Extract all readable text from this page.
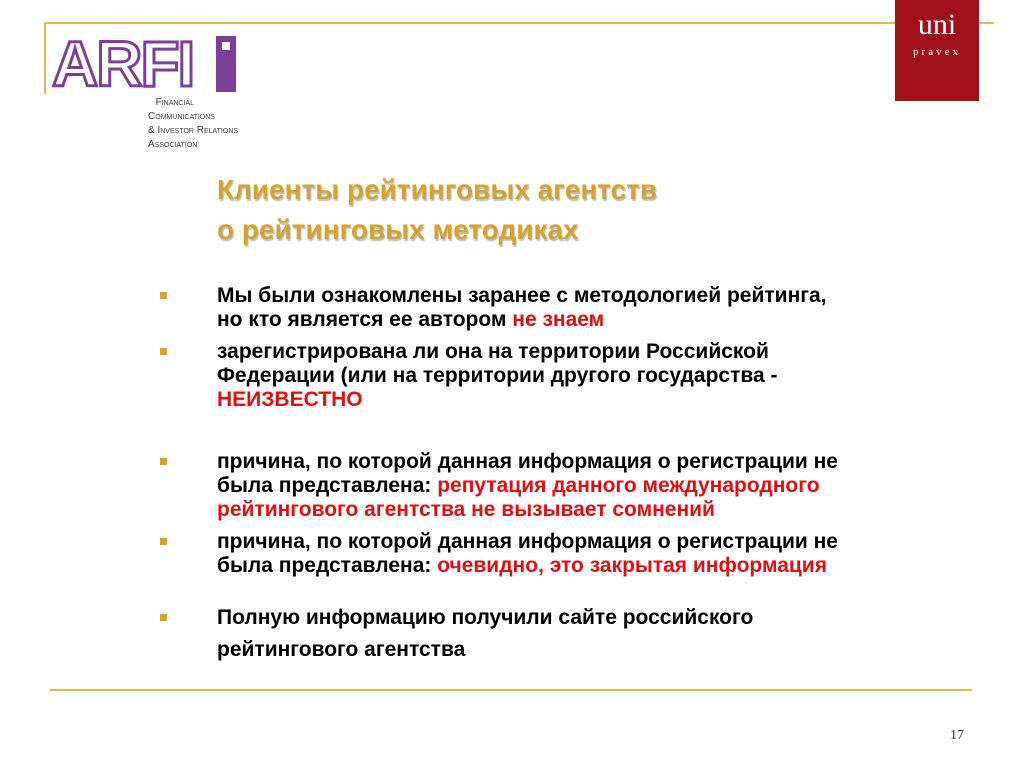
ARFI
Financial
Communications
& Investor Relations
Association
uni
pravex
Клиенты рейтинговых агентств
о рейтинговых методиках
Мы были ознакомлены заранее с методологией рейтинга,
но кто является ее автором не знаем
зарегистрирована ли она на территории Российской
Федерации (или на территории другого государства -
НЕИЗВЕСТНО
причина, по которой данная информация о регистрации не
была представлена: репутация данного международного
рейтингового агентства не вызывает сомнений
причина, по которой данная информация о регистрации не
была представлена: очевидно, это закрытая информация
Полную информацию получили сайте российского
рейтингового агентства
17
